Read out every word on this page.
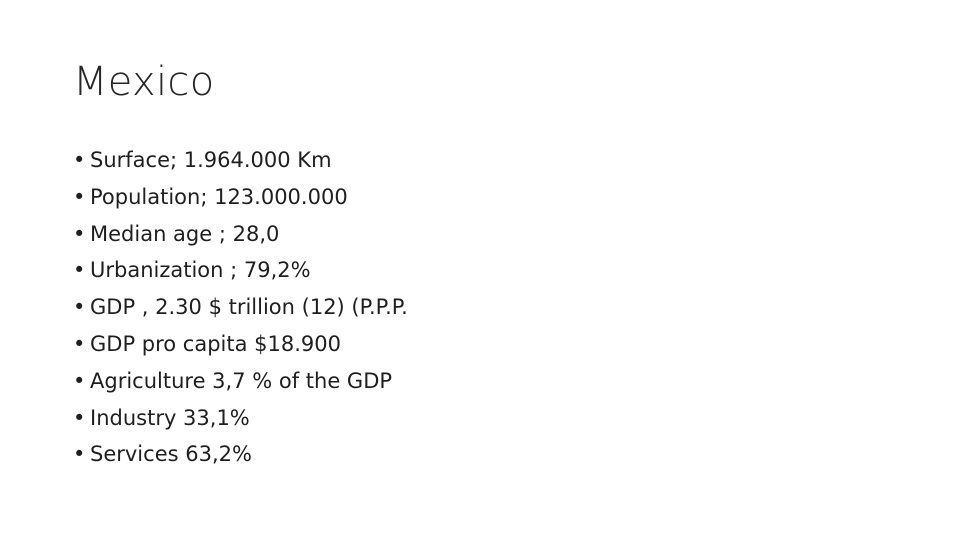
Mexico
• Surface; 1.964.000 Km
• Population; 123.000.000
• Median age ; 28,0
• Urbanization ; 79,2%
• GDP , 2.30 $ trillion (12) (P.P.P.
• GDP pro capita $18.900
• Agriculture 3,7 % of the GDP
• Industry 33,1%
• Services 63,2%
